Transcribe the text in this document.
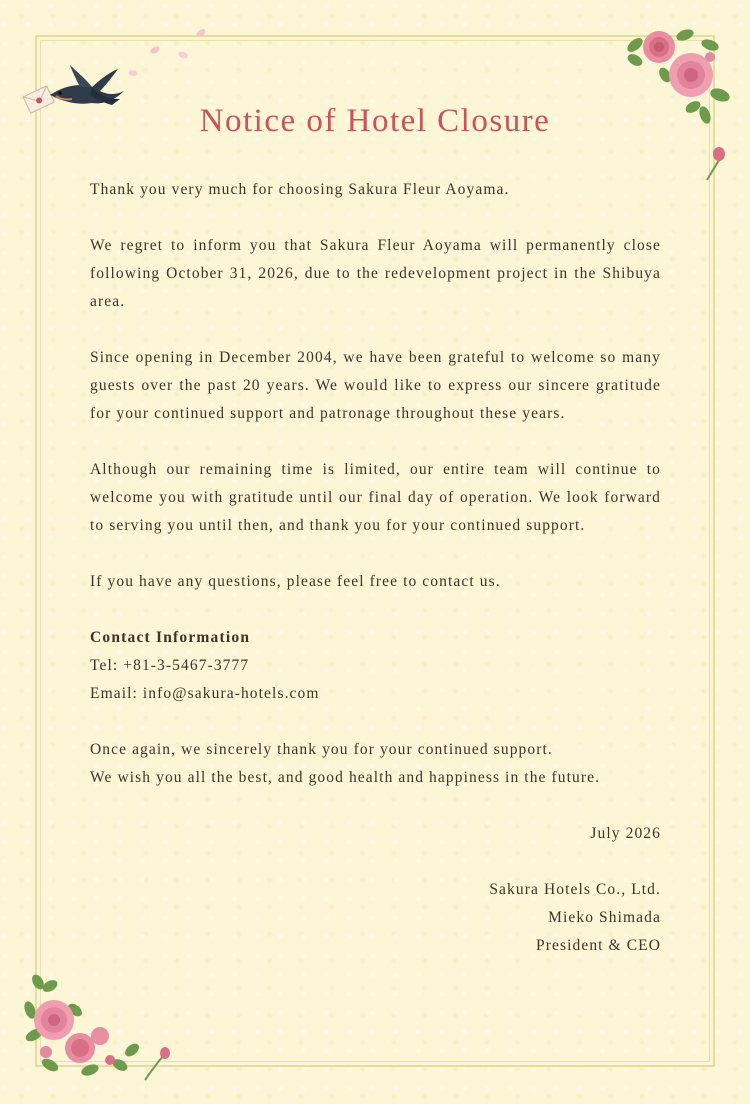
Notice of Hotel Closure

Thank you very much for choosing Sakura Fleur Aoyama.

We regret to inform you that Sakura Fleur Aoyama will permanently close following October 31, 2026, due to the redevelopment project in the Shibuya area.

Since opening in December 2004, we have been grateful to welcome so many guests over the past 20 years. We would like to express our sincere gratitude for your continued support and patronage throughout these years.

Although our remaining time is limited, our entire team will continue to welcome you with gratitude until our final day of operation. We look forward to serving you until then, and thank you for your continued support.

If you have any questions, please feel free to contact us.

Contact Information
Tel: +81-3-5467-3777
Email: info@sakura-hotels.com

Once again, we sincerely thank you for your continued support.
We wish you all the best, and good health and happiness in the future.

July 2026

Sakura Hotels Co., Ltd.
Mieko Shimada
President & CEO
